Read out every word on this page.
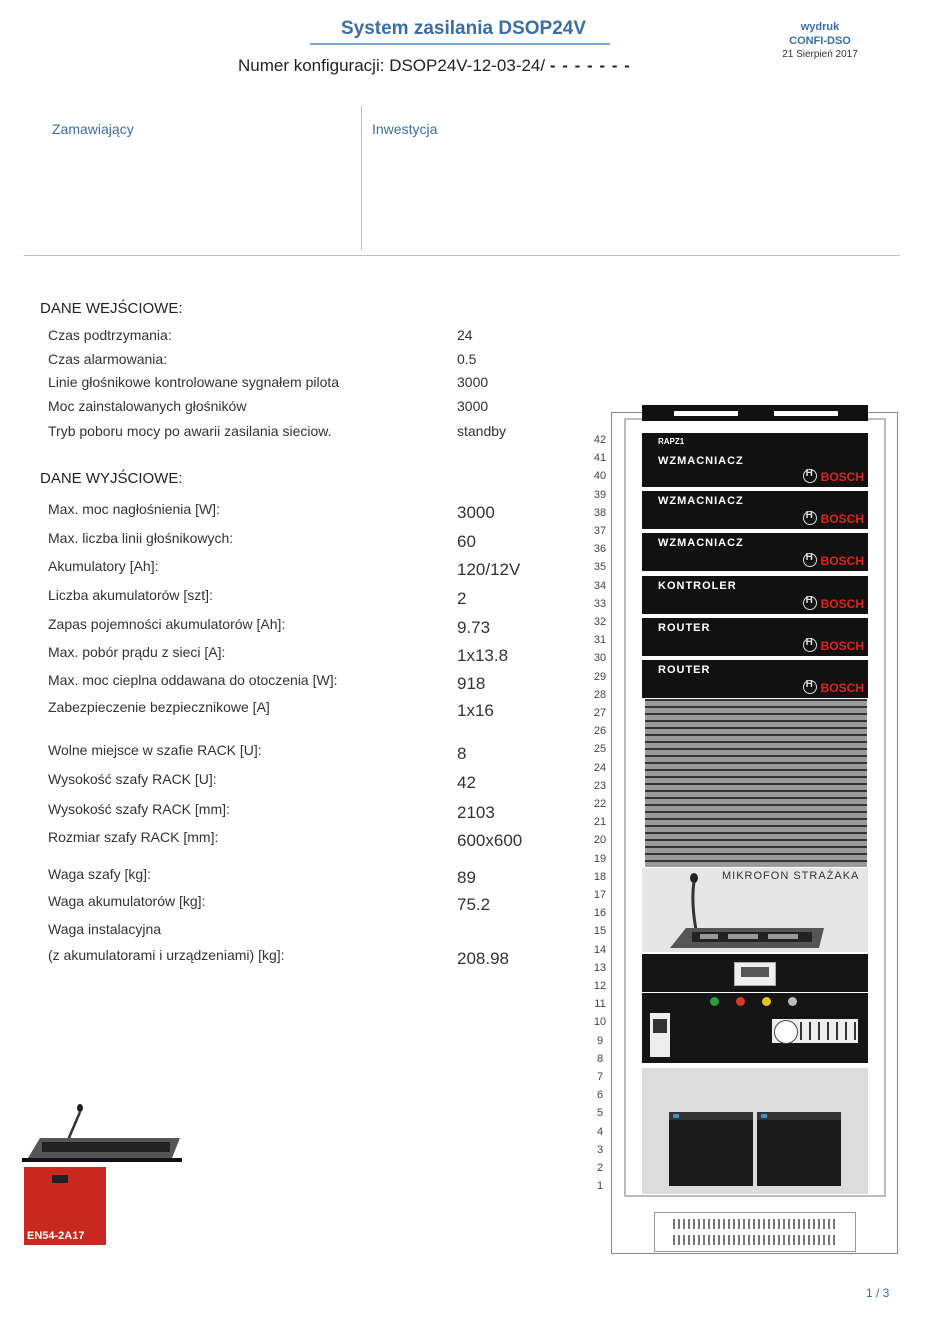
System zasilania DSOP24V
Numer konfiguracji: DSOP24V-12-03-24/ - - - - - - -
wydruk
CONFI-DSO
21 Sierpień 2017
Zamawiający	Inwestycja
DANE WEJŚCIOWE:
Czas podtrzymania:	24
Czas alarmowania:	0.5
Linie głośnikowe kontrolowane sygnałem pilota	3000
Moc zainstalowanych głośników	3000
Tryb poboru mocy po awarii zasilania sieciow.	standby
DANE WYJŚCIOWE:
Max. moc nagłośnienia [W]:	3000
Max. liczba linii głośnikowych:	60
Akumulatory [Ah]:	120/12V
Liczba akumulatorów [szt]:	2
Zapas pojemności akumulatorów [Ah]:	9.73
Max. pobór prądu z sieci [A]:	1x13.8
Max. moc cieplna oddawana do otoczenia [W]:	918
Zabezpieczenie bezpiecznikowe [A]	1x16
Wolne miejsce w szafie RACK [U]:	8
Wysokość szafy RACK [U]:	42
Wysokość szafy RACK [mm]:	2103
Rozmiar szafy RACK [mm]:	600x600
Waga szafy [kg]:	89
Waga akumulatorów [kg]:	75.2
Waga instalacyjna
(z akumulatorami i urządzeniami) [kg]:	208.98
42
41
40
39
38
37
36
35
34
33
32
31
30
29
28
27
26
25
24
23
22
21
20
19
18
17
16
15
14
13
12
11
10
9
8
7
6
5
4
3
2
1
RAPZ1
WZMACNIACZ
HBOSCH
WZMACNIACZ
HBOSCH
WZMACNIACZ
HBOSCH
KONTROLER
HBOSCH
ROUTER
HBOSCH
ROUTER
HBOSCH
MIKROFON STRAŻAKA
EN54-2A17
1 / 3
